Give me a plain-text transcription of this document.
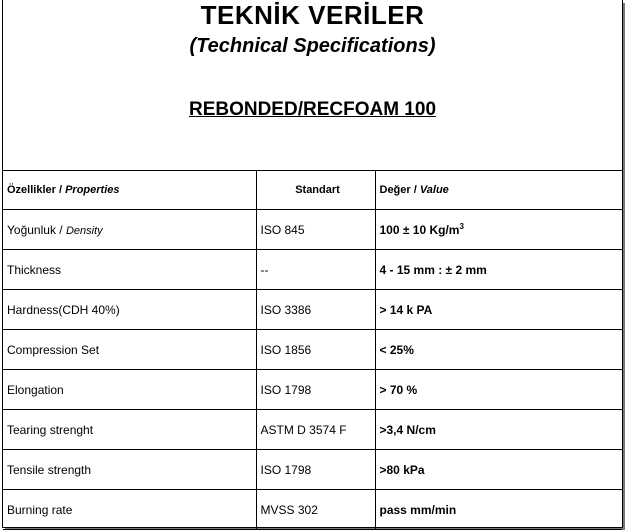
TEKNİK VERİLER
(Technical Specifications)
REBONDED/RECFOAM 100
Özellikler / Properties	Standart	Değer / Value
Yoğunluk / Density	ISO 845	100 ± 10 $Kg/m^3$
Thickness	--	4 - 15 mm : ± 2 mm
Hardness(CDH 40%)	ISO 3386	> 14 k PA
Compression Set	ISO 1856	< 25%
Elongation	ISO 1798	> 70 %
Tearing strenght	ASTM D 3574 F	>3,4 N/cm
Tensile strength	ISO 1798	>80 kPa
Burning rate	MVSS 302	pass mm/min
